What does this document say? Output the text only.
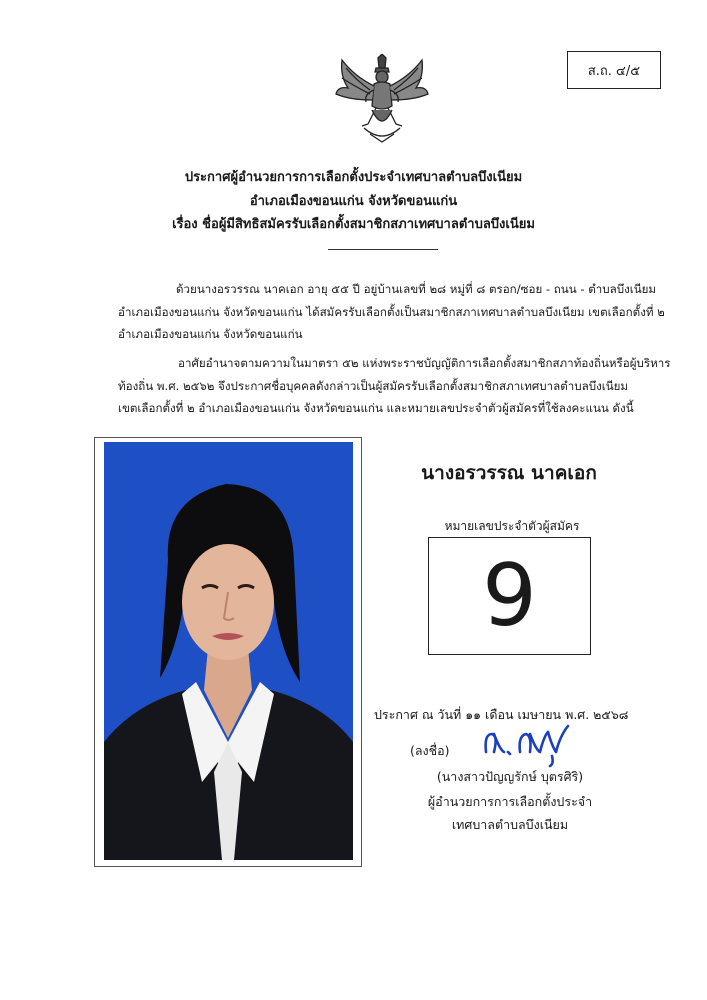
ส.ถ. ๔/๕
ประกาศผู้อำนวยการการเลือกตั้งประจำเทศบาลตำบลบึงเนียม
อำเภอเมืองขอนแก่น จังหวัดขอนแก่น
เรื่อง ชื่อผู้มีสิทธิสมัครรับเลือกตั้งสมาชิกสภาเทศบาลตำบลบึงเนียม
ด้วยนางอรวรรณ นาคเอก อายุ ๕๕ ปี อยู่บ้านเลขที่ ๒๘ หมู่ที่ ๘ ตรอก/ซอย - ถนน - ตำบลบึงเนียม
อำเภอเมืองขอนแก่น จังหวัดขอนแก่น ได้สมัครรับเลือกตั้งเป็นสมาชิกสภาเทศบาลตำบลบึงเนียม เขตเลือกตั้งที่ ๒
อำเภอเมืองขอนแก่น จังหวัดขอนแก่น
อาศัยอำนาจตามความในมาตรา ๕๒ แห่งพระราชบัญญัติการเลือกตั้งสมาชิกสภาท้องถิ่นหรือผู้บริหาร
ท้องถิ่น พ.ศ. ๒๕๖๒ จึงประกาศชื่อบุคคลดังกล่าวเป็นผู้สมัครรับเลือกตั้งสมาชิกสภาเทศบาลตำบลบึงเนียม
เขตเลือกตั้งที่ ๒ อำเภอเมืองขอนแก่น จังหวัดขอนแก่น และหมายเลขประจำตัวผู้สมัครที่ใช้ลงคะแนน ดังนี้
นางอรวรรณ นาคเอก
หมายเลขประจำตัวผู้สมัคร
9
ประกาศ ณ วันที่ ๑๑ เดือน เมษายน พ.ศ. ๒๕๖๘
(ลงชื่อ)
(นางสาวปัญญรักษ์ บุตรศิริ)
ผู้อำนวยการการเลือกตั้งประจำ
เทศบาลตำบลบึงเนียม
